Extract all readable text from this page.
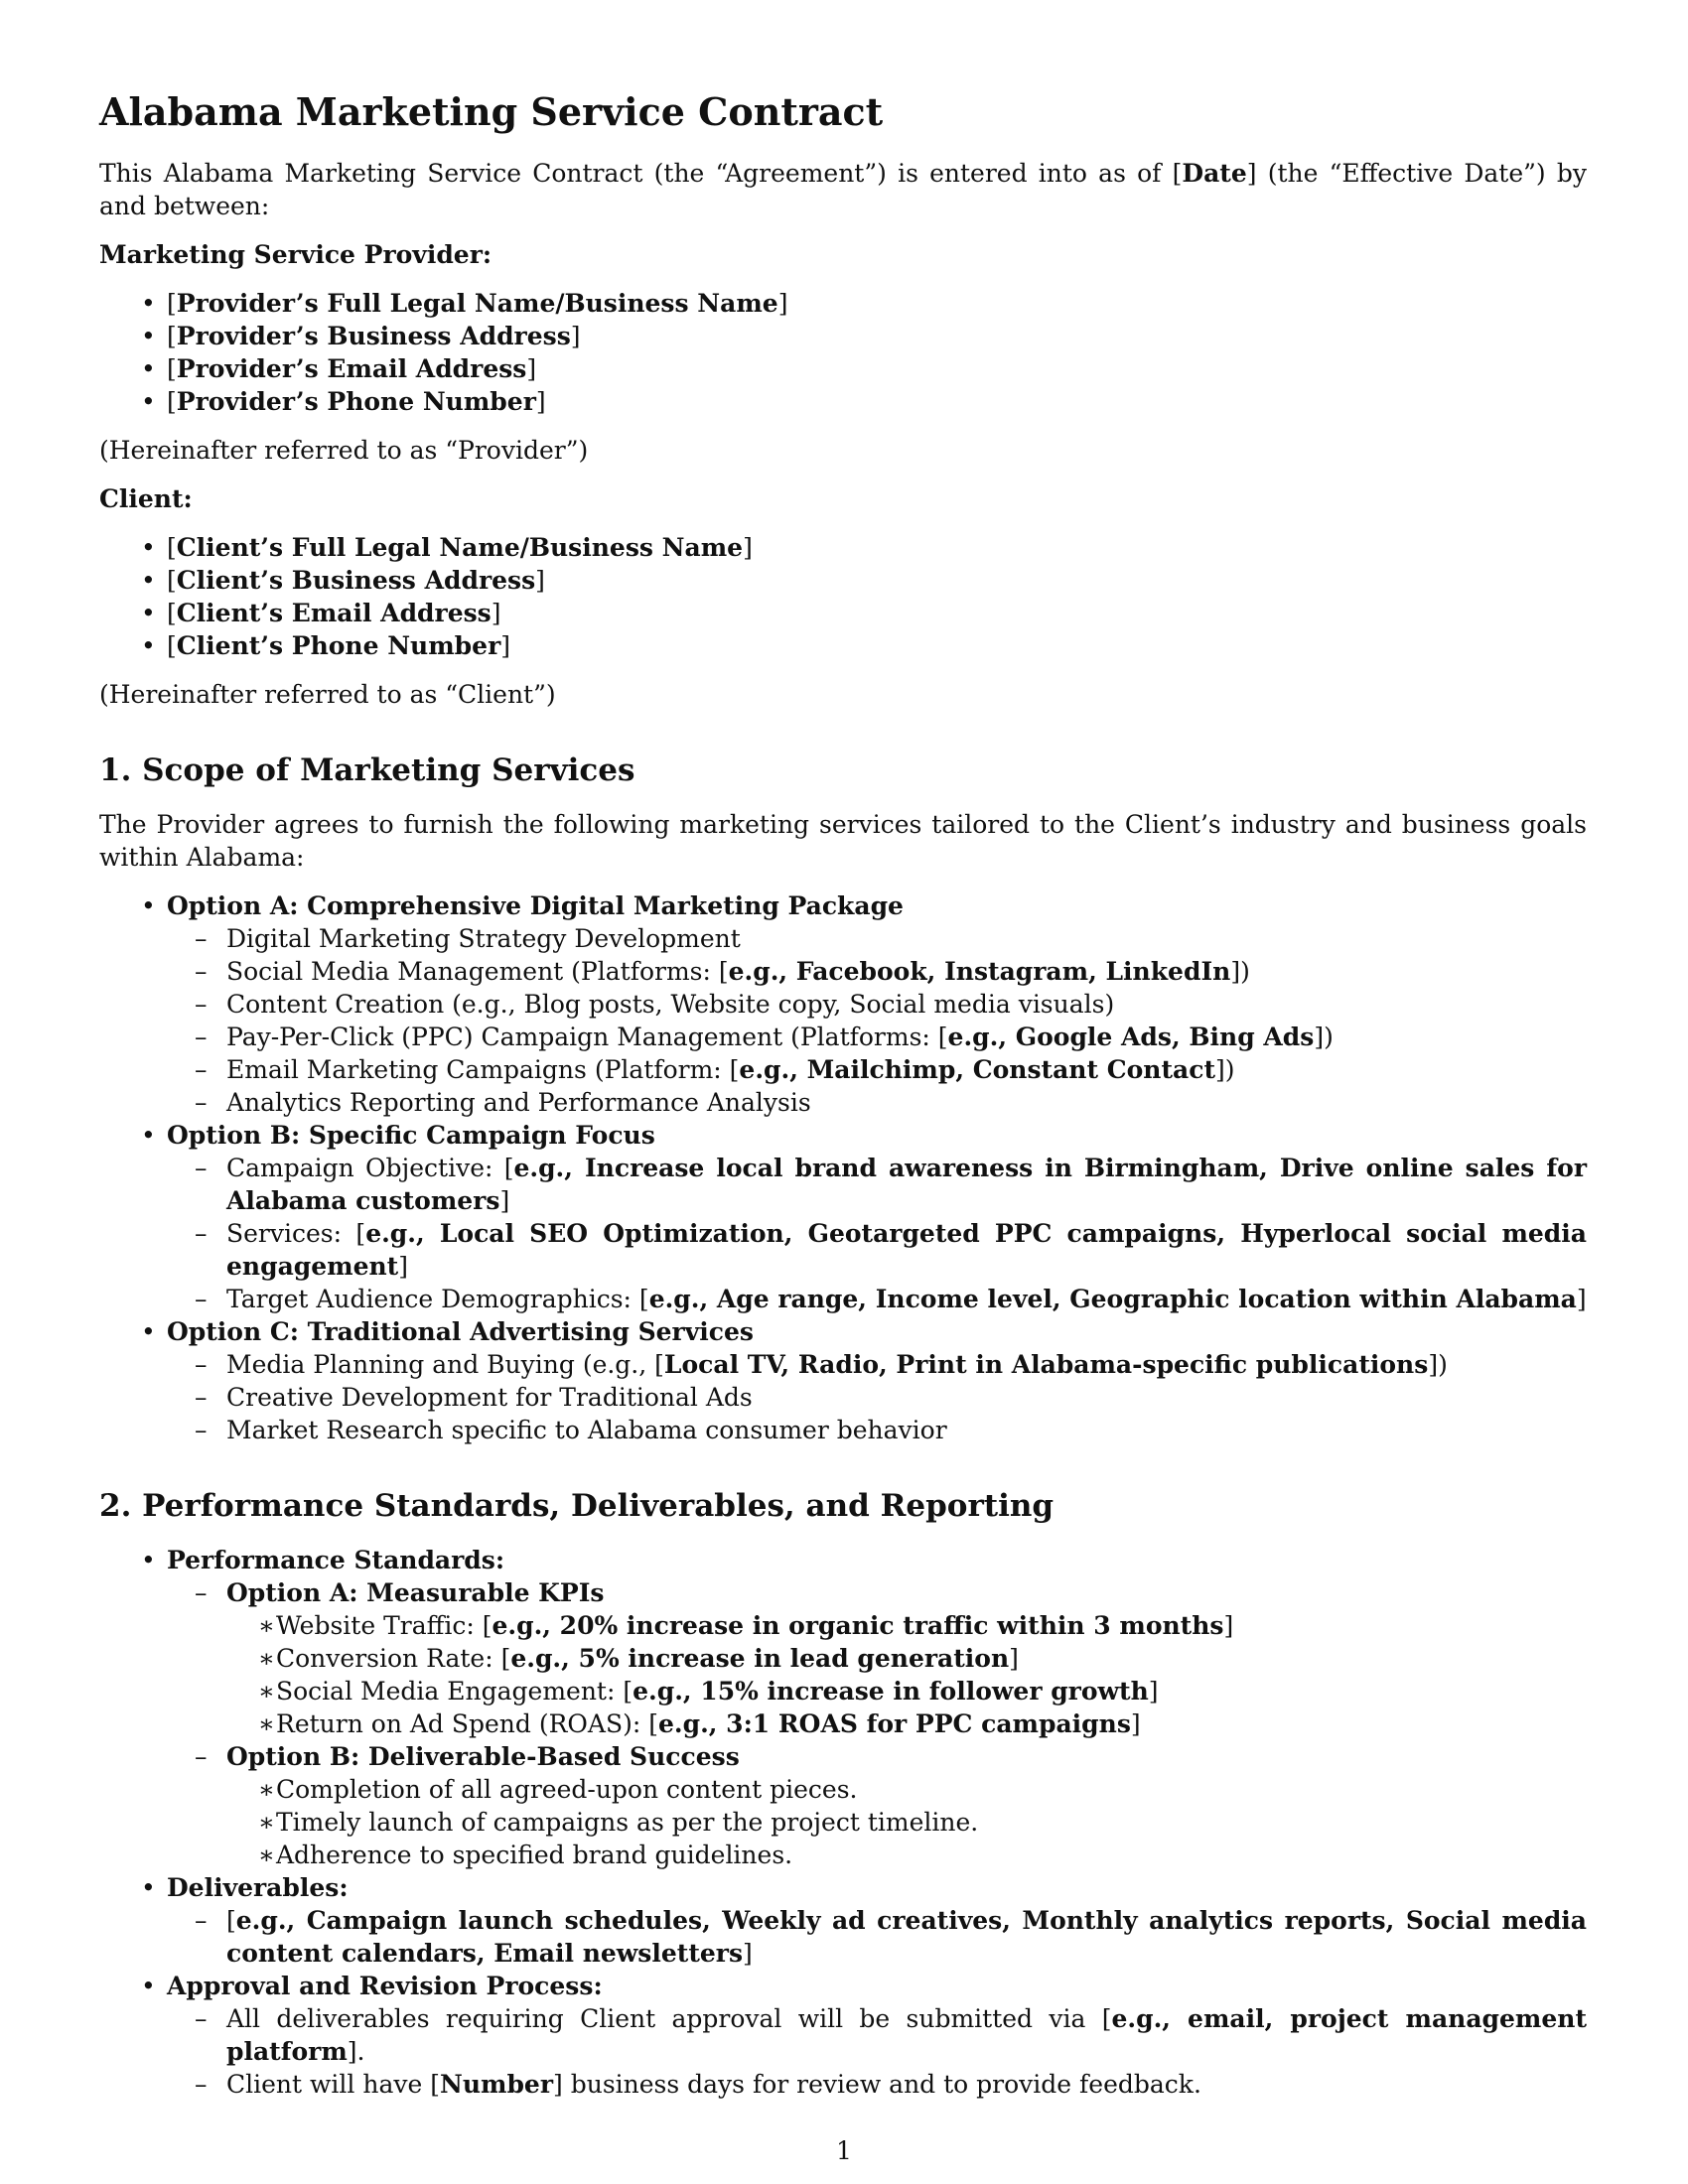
Alabama Marketing Service Contract

This Alabama Marketing Service Contract (the “Agreement”) is entered into as of [Date] (the “Effective Date”) by and between:

Marketing Service Provider:
• [Provider’s Full Legal Name/Business Name]
• [Provider’s Business Address]
• [Provider’s Email Address]
• [Provider’s Phone Number]

(Hereinafter referred to as “Provider”)

Client:
• [Client’s Full Legal Name/Business Name]
• [Client’s Business Address]
• [Client’s Email Address]
• [Client’s Phone Number]

(Hereinafter referred to as “Client”)

1. Scope of Marketing Services

The Provider agrees to furnish the following marketing services tailored to the Client’s industry and business goals within Alabama:

• Option A: Comprehensive Digital Marketing Package
– Digital Marketing Strategy Development
– Social Media Management (Platforms: [e.g., Facebook, Instagram, LinkedIn])
– Content Creation (e.g., Blog posts, Website copy, Social media visuals)
– Pay-Per-Click (PPC) Campaign Management (Platforms: [e.g., Google Ads, Bing Ads])
– Email Marketing Campaigns (Platform: [e.g., Mailchimp, Constant Contact])
– Analytics Reporting and Performance Analysis
• Option B: Specific Campaign Focus
– Campaign Objective: [e.g., Increase local brand awareness in Birmingham, Drive online sales for Alabama customers]
– Services: [e.g., Local SEO Optimization, Geotargeted PPC campaigns, Hyperlocal social media engagement]
– Target Audience Demographics: [e.g., Age range, Income level, Geographic location within Alabama]
• Option C: Traditional Advertising Services
– Media Planning and Buying (e.g., [Local TV, Radio, Print in Alabama-specific publications])
– Creative Development for Traditional Ads
– Market Research specific to Alabama consumer behavior
2. Performance Standards, Deliverables, and Reporting
• Performance Standards:
– Option A: Measurable KPIs
∗ Website Traffic: [e.g., 20% increase in organic traffic within 3 months]
∗ Conversion Rate: [e.g., 5% increase in lead generation]
∗ Social Media Engagement: [e.g., 15% increase in follower growth]
∗ Return on Ad Spend (ROAS): [e.g., 3:1 ROAS for PPC campaigns]
– Option B: Deliverable-Based Success
∗ Completion of all agreed-upon content pieces.
∗ Timely launch of campaigns as per the project timeline.
∗ Adherence to specified brand guidelines.
• Deliverables:
– [e.g., Campaign launch schedules, Weekly ad creatives, Monthly analytics reports, Social media content calendars, Email newsletters]
• Approval and Revision Process:
– All deliverables requiring Client approval will be submitted via [e.g., email, project management platform].
– Client will have [Number] business days for review and to provide feedback.
1
